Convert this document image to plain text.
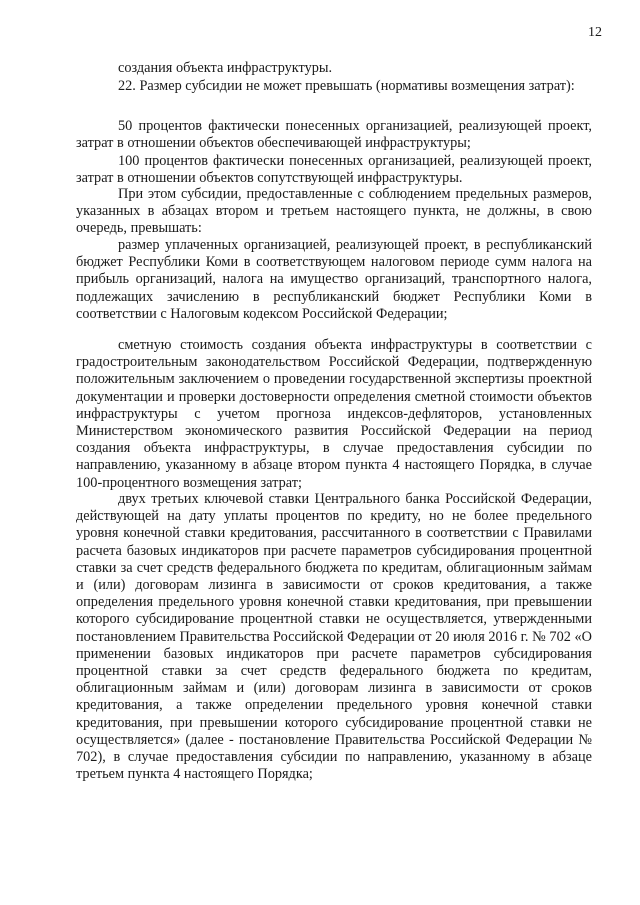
12

создания объекта инфраструктуры.

22. Размер субсидии не может превышать (нормативы возмещения затрат):

50 процентов фактически понесенных организацией, реализующей проект, затрат в отношении объектов обеспечивающей инфраструктуры;

100 процентов фактически понесенных организацией, реализующей проект, затрат в отношении объектов сопутствующей инфраструктуры.

При этом субсидии, предоставленные с соблюдением предельных размеров, указанных в абзацах втором и третьем настоящего пункта, не должны, в свою очередь, превышать:

размер уплаченных организацией, реализующей проект, в республиканский бюджет Республики Коми в соответствующем налоговом периоде сумм налога на прибыль организаций, налога на имущество организаций, транспортного налога, подлежащих зачислению в республиканский бюджет Республики Коми в соответствии с Налоговым кодексом Российской Федерации;

сметную стоимость создания объекта инфраструктуры в соответствии с градостроительным законодательством Российской Федерации, подтвержденную положительным заключением о проведении государственной экспертизы проектной документации и проверки достоверности определения сметной стоимости объектов инфраструктуры с учетом прогноза индексов-дефляторов, установленных Министерством экономического развития Российской Федерации на период создания объекта инфраструктуры, в случае предоставления субсидии по направлению, указанному в абзаце втором пункта 4 настоящего Порядка, в случае 100-процентного возмещения затрат;

двух третьих ключевой ставки Центрального банка Российской Федерации, действующей на дату уплаты процентов по кредиту, но не более предельного уровня конечной ставки кредитования, рассчитанного в соответствии с Правилами расчета базовых индикаторов при расчете параметров субсидирования процентной ставки за счет средств федерального бюджета по кредитам, облигационным займам и (или) договорам лизинга в зависимости от сроков кредитования, а также определения предельного уровня конечной ставки кредитования, при превышении которого субсидирование процентной ставки не осуществляется, утвержденными постановлением Правительства Российской Федерации от 20 июля 2016 г. № 702 «О применении базовых индикаторов при расчете параметров субсидирования процентной ставки за счет средств федерального бюджета по кредитам, облигационным займам и (или) договорам лизинга в зависимости от сроков кредитования, а также определении предельного уровня конечной ставки кредитования, при превышении которого субсидирование процентной ставки не осуществляется» (далее - постановление Правительства Российской Федерации № 702), в случае предоставления субсидии по направлению, указанному в абзаце третьем пункта 4 настоящего Порядка;
